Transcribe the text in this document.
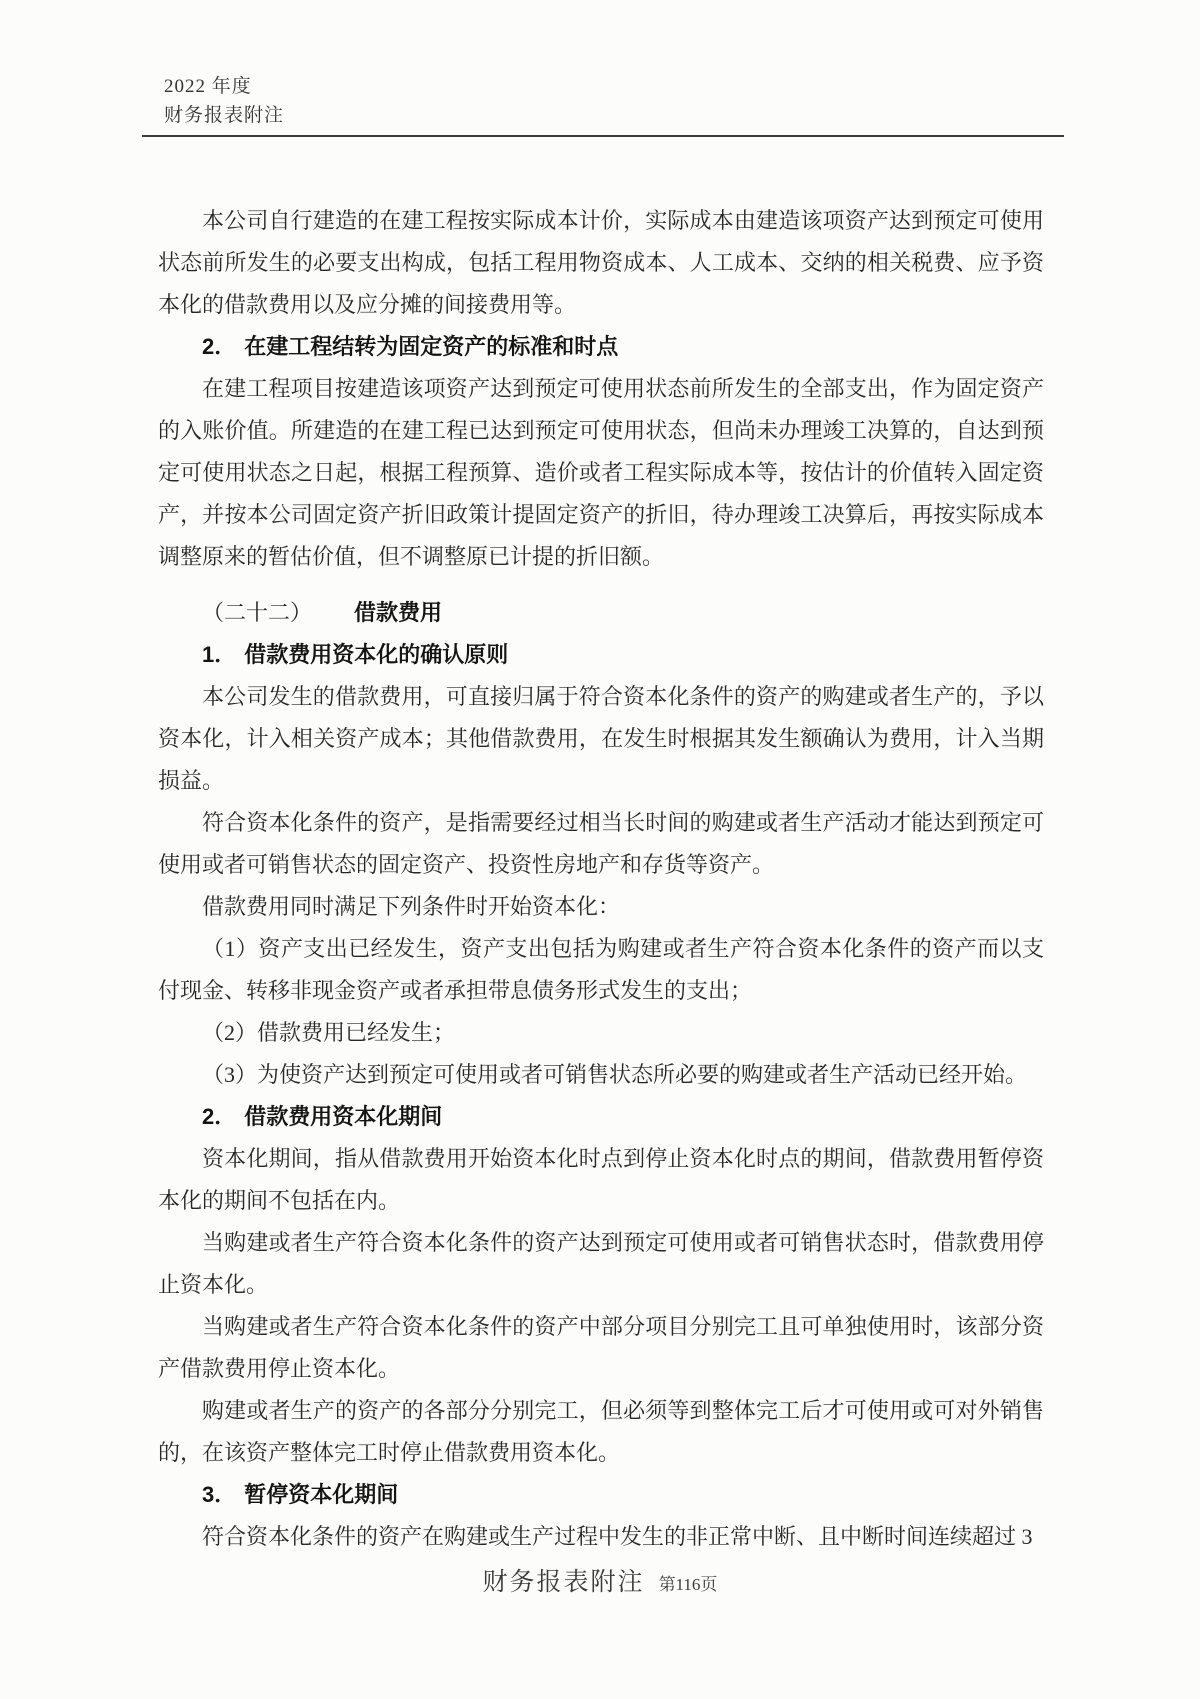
2022 年度
财务报表附注

本公司自行建造的在建工程按实际成本计价，实际成本由建造该项资产达到预定可使用状态前所发生的必要支出构成，包括工程用物资成本、人工成本、交纳的相关税费、应予资本化的借款费用以及应分摊的间接费用等。

2． 在建工程结转为固定资产的标准和时点

在建工程项目按建造该项资产达到预定可使用状态前所发生的全部支出，作为固定资产的入账价值。所建造的在建工程已达到预定可使用状态，但尚未办理竣工决算的，自达到预定可使用状态之日起，根据工程预算、造价或者工程实际成本等，按估计的价值转入固定资产，并按本公司固定资产折旧政策计提固定资产的折旧，待办理竣工决算后，再按实际成本调整原来的暂估价值，但不调整原已计提的折旧额。

（二十二） 借款费用

1． 借款费用资本化的确认原则

本公司发生的借款费用，可直接归属于符合资本化条件的资产的购建或者生产的，予以资本化，计入相关资产成本；其他借款费用，在发生时根据其发生额确认为费用，计入当期损益。

符合资本化条件的资产，是指需要经过相当长时间的购建或者生产活动才能达到预定可使用或者可销售状态的固定资产、投资性房地产和存货等资产。

借款费用同时满足下列条件时开始资本化：

（1）资产支出已经发生，资产支出包括为购建或者生产符合资本化条件的资产而以支付现金、转移非现金资产或者承担带息债务形式发生的支出；

（2）借款费用已经发生；

（3）为使资产达到预定可使用或者可销售状态所必要的购建或者生产活动已经开始。

2． 借款费用资本化期间

资本化期间，指从借款费用开始资本化时点到停止资本化时点的期间，借款费用暂停资本化的期间不包括在内。

当购建或者生产符合资本化条件的资产达到预定可使用或者可销售状态时，借款费用停止资本化。

当购建或者生产符合资本化条件的资产中部分项目分别完工且可单独使用时，该部分资产借款费用停止资本化。

购建或者生产的资产的各部分分别完工，但必须等到整体完工后才可使用或可对外销售的，在该资产整体完工时停止借款费用资本化。

3． 暂停资本化期间

符合资本化条件的资产在购建或生产过程中发生的非正常中断、且中断时间连续超过 3

财务报表附注 第116页
